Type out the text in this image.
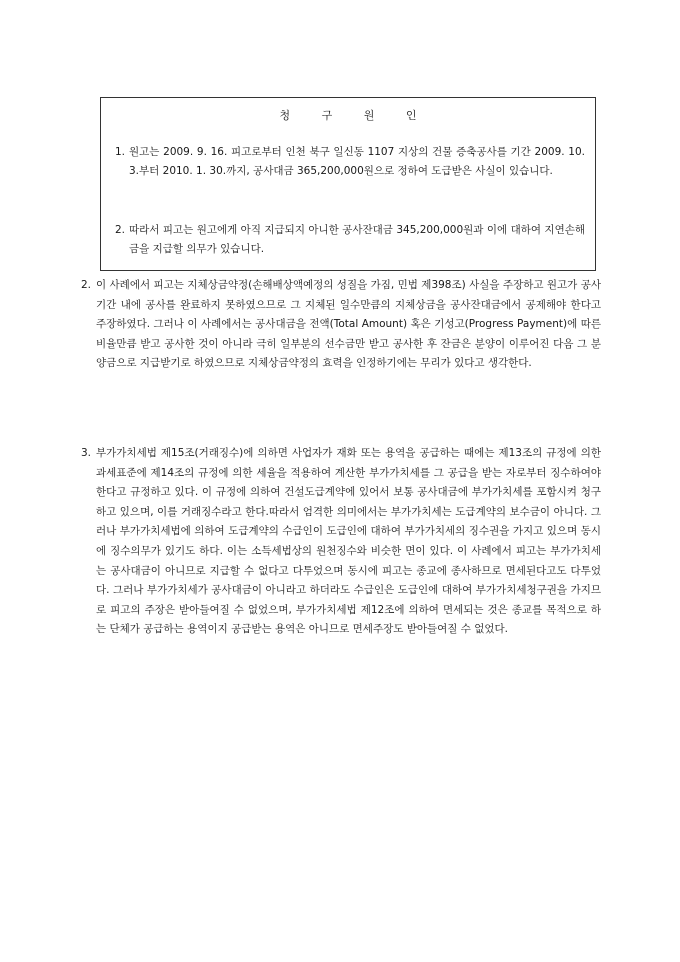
청 구 원 인
1. 원고는 2009. 9. 16. 피고로부터 인천 북구 일신동 1107 지상의 건물 증축공사를 기간 2009. 10. 3.부터 2010. 1. 30.까지, 공사대금 365,200,000원으로 정하여 도급받은 사실이 있습니다.
2. 따라서 피고는 원고에게 아직 지급되지 아니한 공사잔대금 345,200,000원과 이에 대하여 지연손해금을 지급할 의무가 있습니다.
2. 이 사례에서 피고는 지체상금약정(손해배상액예정의 성질을 가짐, 민법 제398조) 사실을 주장하고 원고가 공사기간 내에 공사를 완료하지 못하였으므로 그 지체된 일수만큼의 지체상금을 공사잔대금에서 공제해야 한다고 주장하였다. 그러나 이 사례에서는 공사대금을 전액(Total Amount) 혹은 기성고(Progress Payment)에 따른 비율만큼 받고 공사한 것이 아니라 극히 일부분의 선수금만 받고 공사한 후 잔금은 분양이 이루어진 다음 그 분양금으로 지급받기로 하였으므로 지체상금약정의 효력을 인정하기에는 무리가 있다고 생각한다.
3. 부가가치세법 제15조(거래징수)에 의하면 사업자가 재화 또는 용역을 공급하는 때에는 제13조의 규정에 의한 과세표준에 제14조의 규정에 의한 세율을 적용하여 계산한 부가가치세를 그 공급을 받는 자로부터 징수하여야 한다고 규정하고 있다. 이 규정에 의하여 건설도급계약에 있어서 보통 공사대금에 부가가치세를 포함시켜 청구하고 있으며, 이를 거래징수라고 한다.따라서 엄격한 의미에서는 부가가치세는 도급계약의 보수금이 아니다. 그러나 부가가치세법에 의하여 도급계약의 수급인이 도급인에 대하여 부가가치세의 징수권을 가지고 있으며 동시에 징수의무가 있기도 하다. 이는 소득세법상의 원천징수와 비슷한 면이 있다. 이 사례에서 피고는 부가가치세는 공사대금이 아니므로 지급할 수 없다고 다투었으며 동시에 피고는 종교에 종사하므로 면세된다고도 다투었다. 그러나 부가가치세가 공사대금이 아니라고 하더라도 수급인은 도급인에 대하여 부가가치세청구권을 가지므로 피고의 주장은 받아들여질 수 없었으며, 부가가치세법 제12조에 의하여 면세되는 것은 종교를 목적으로 하는 단체가 공급하는 용역이지 공급받는 용역은 아니므로 면세주장도 받아들여질 수 없었다.
